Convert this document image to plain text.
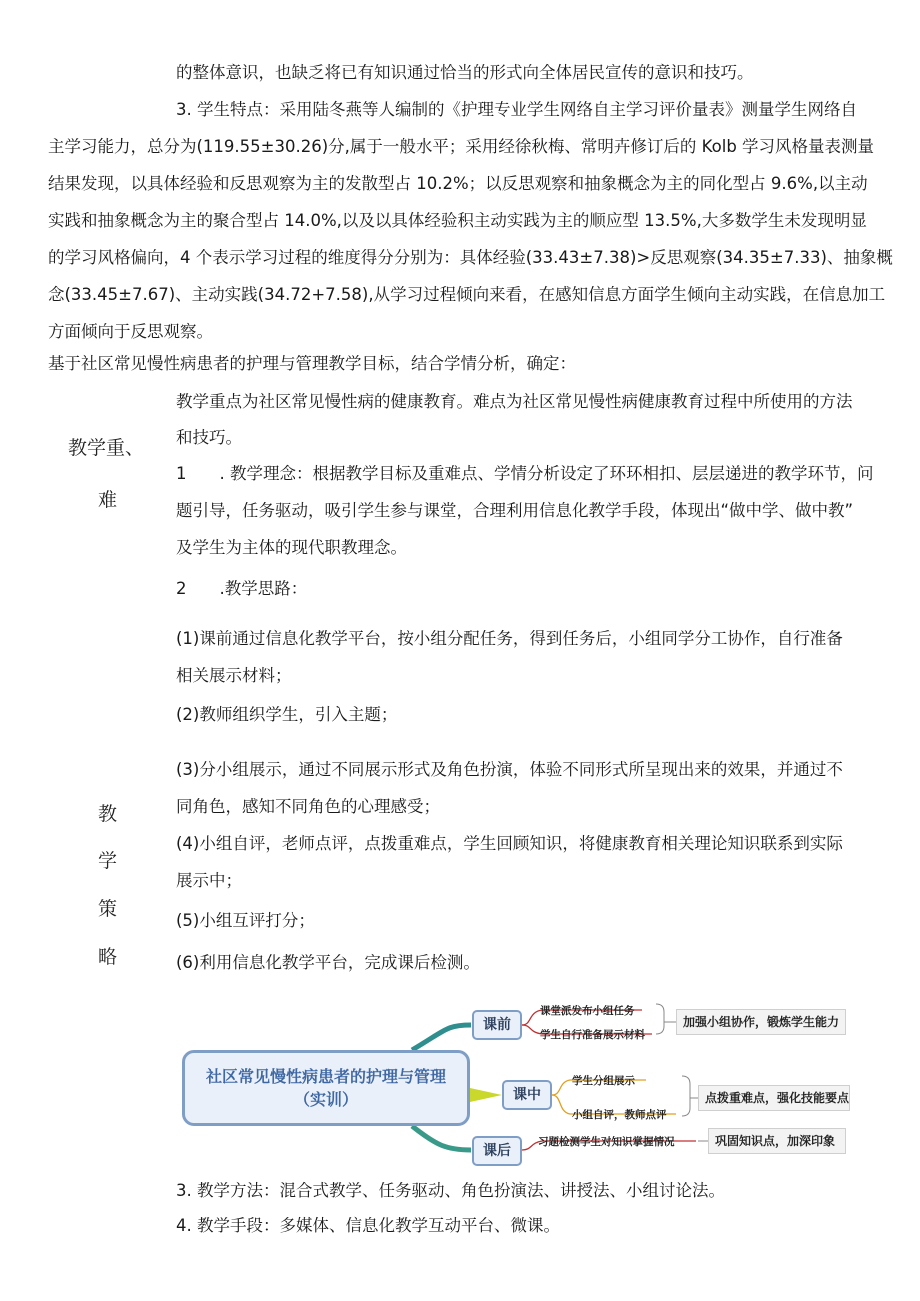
的整体意识，也缺乏将已有知识通过恰当的形式向全体居民宣传的意识和技巧。
3. 学生特点：采用陆冬燕等人编制的《护理专业学生网络自主学习评价量表》测量学生网络自
主学习能力，总分为(119.55±30.26)分,属于一般水平；采用经徐秋梅、常明卉修订后的 Kolb 学习风格量表测量
结果发现，以具体经验和反思观察为主的发散型占 10.2%；以反思观察和抽象概念为主的同化型占 9.6%,以主动
实践和抽象概念为主的聚合型占 14.0%,以及以具体经验积主动实践为主的顺应型 13.5%,大多数学生未发现明显
的学习风格偏向，4 个表示学习过程的维度得分分别为：具体经验(33.43±7.38)>反思观察(34.35±7.33)、抽象概
念(33.45±7.67)、主动实践(34.72+7.58),从学习过程倾向来看，在感知信息方面学生倾向主动实践，在信息加工
方面倾向于反思观察。
基于社区常见慢性病患者的护理与管理教学目标，结合学情分析，确定：
教学重、
难
教学重点为社区常见慢性病的健康教育。难点为社区常见慢性病健康教育过程中所使用的方法
和技巧。
1　　. 教学理念：根据教学目标及重难点、学情分析设定了环环相扣、层层递进的教学环节，问
题引导，任务驱动，吸引学生参与课堂，合理利用信息化教学手段，体现出“做中学、做中教”
及学生为主体的现代职教理念。
2　　.教学思路：
(1)课前通过信息化教学平台，按小组分配任务，得到任务后，小组同学分工协作，自行准备
相关展示材料；
(2)教师组织学生，引入主题；
(3)分小组展示，通过不同展示形式及角色扮演，体验不同形式所呈现出来的效果，并通过不
同角色，感知不同角色的心理感受；
(4)小组自评，老师点评，点拨重难点，学生回顾知识，将健康教育相关理论知识联系到实际
展示中；
(5)小组互评打分；
(6)利用信息化教学平台，完成课后检测。
教
学
策
略
社区常见慢性病患者的护理与管理
（实训）
课前
课中
课后
课堂派发布小组任务
学生自行准备展示材料
学生分组展示
小组自评，教师点评
习题检测学生对知识掌握情况
加强小组协作，锻炼学生能力
点拨重难点，强化技能要点
巩固知识点，加深印象
3. 教学方法：混合式教学、任务驱动、角色扮演法、讲授法、小组讨论法。
4. 教学手段：多媒体、信息化教学互动平台、微课。
